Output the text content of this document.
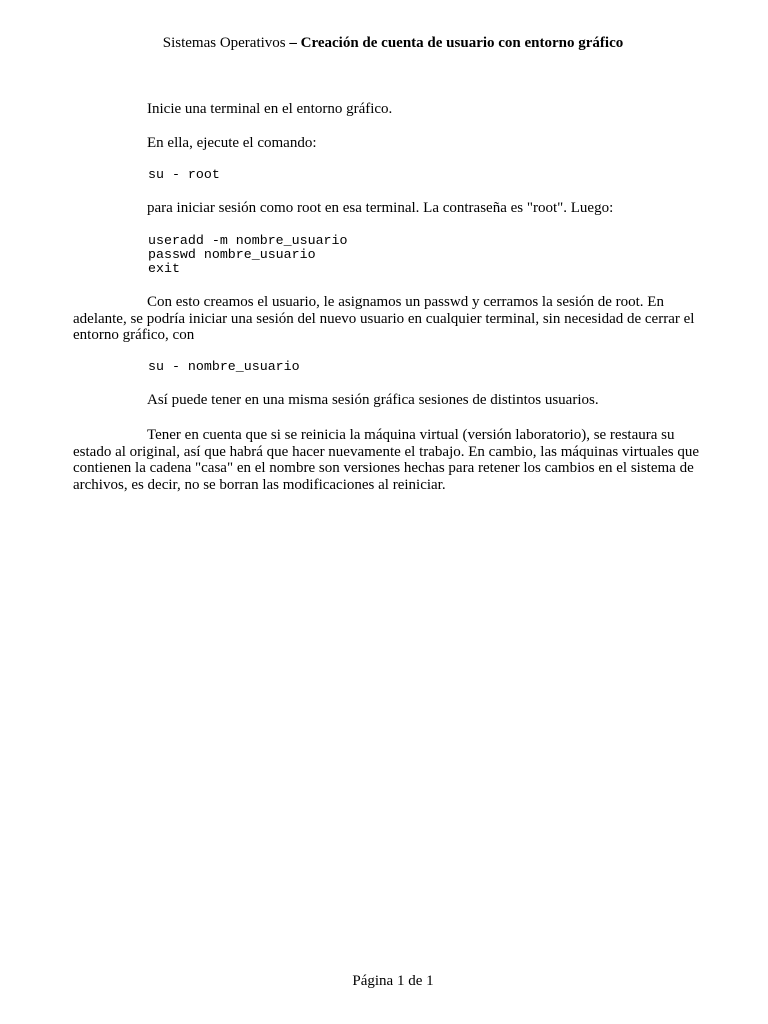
Sistemas Operativos – Creación de cuenta de usuario con entorno gráfico

Inicie una terminal en el entorno gráfico.

En ella, ejecute el comando:

su - root

para iniciar sesión como root en esa terminal. La contraseña es "root". Luego:

useradd -m nombre_usuario
passwd nombre_usuario
exit

Con esto creamos el usuario, le asignamos un passwd y cerramos la sesión de root. En adelante, se podría iniciar una sesión del nuevo usuario en cualquier terminal, sin necesidad de cerrar el entorno gráfico, con

su - nombre_usuario

Así puede tener en una misma sesión gráfica sesiones de distintos usuarios.

Tener en cuenta que si se reinicia la máquina virtual (versión laboratorio), se restaura su estado al original, así que habrá que hacer nuevamente el trabajo. En cambio, las máquinas virtuales que contienen la cadena "casa" en el nombre son versiones hechas para retener los cambios en el sistema de archivos, es decir, no se borran las modificaciones al reiniciar.

Página 1 de 1
